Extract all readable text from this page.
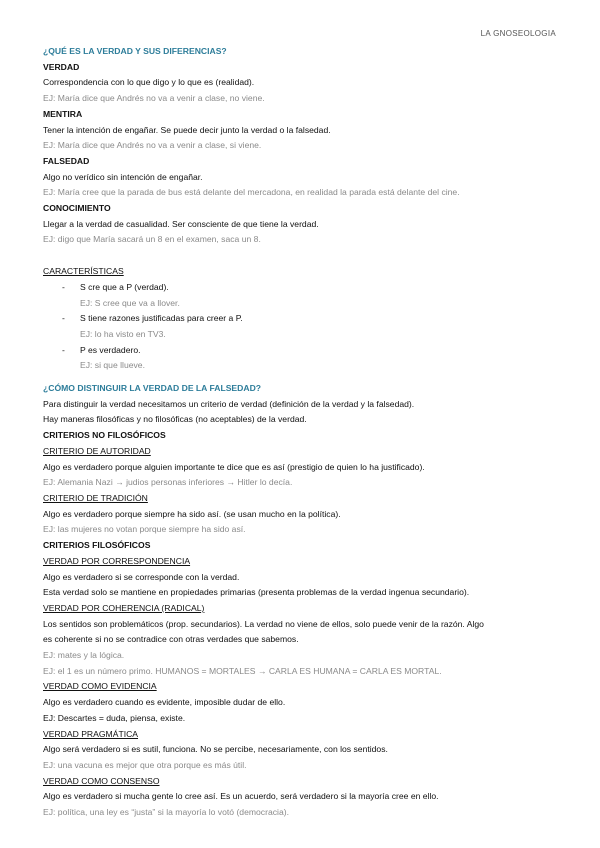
LA GNOSEOLOGIA
¿QUÉ ES LA VERDAD Y SUS DIFERENCIAS?
VERDAD
Correspondencia con lo que digo y lo que es (realidad).
EJ: María dice que Andrés no va a venir a clase, no viene.
MENTIRA
Tener la intención de engañar. Se puede decir junto la verdad o la falsedad.
EJ: María dice que Andrés no va a venir a clase, si viene.
FALSEDAD
Algo no verídico sin intención de engañar.
EJ: María cree que la parada de bus está delante del mercadona, en realidad la parada está delante del cine.
CONOCIMIENTO
Llegar a la verdad de casualidad. Ser consciente de que tiene la verdad.
EJ: digo que María sacará un 8 en el examen, saca un 8.
CARACTERÍSTICAS
- S cre que a P (verdad).
EJ: S cree que va a llover.
- S tiene razones justificadas para creer a P.
EJ: lo ha visto en TV3.
- P es verdadero.
EJ: si que llueve.
¿CÓMO DISTINGUIR LA VERDAD DE LA FALSEDAD?
Para distinguir la verdad necesitamos un criterio de verdad (definición de la verdad y la falsedad).
Hay maneras filosóficas y no filosóficas (no aceptables) de la verdad.
CRITERIOS NO FILOSÓFICOS
CRITERIO DE AUTORIDAD
Algo es verdadero porque alguien importante te dice que es así (prestigio de quien lo ha justificado).
EJ: Alemania Nazi → judios personas inferiores → Hitler lo decía.
CRITERIO DE TRADICIÓN
Algo es verdadero porque siempre ha sido así. (se usan mucho en la política).
EJ: las mujeres no votan porque siempre ha sido así.
CRITERIOS FILOSÓFICOS
VERDAD POR CORRESPONDENCIA
Algo es verdadero si se corresponde con la verdad.
Esta verdad solo se mantiene en propiedades primarias (presenta problemas de la verdad ingenua secundario).
VERDAD POR COHERENCIA (RADICAL)
Los sentidos son problemáticos (prop. secundarios). La verdad no viene de ellos, solo puede venir de la razón. Algo
es coherente si no se contradice con otras verdades que sabemos.
EJ: mates y la lógica.
EJ: el 1 es un número primo. HUMANOS = MORTALES → CARLA ES HUMANA = CARLA ES MORTAL.
VERDAD COMO EVIDENCIA
Algo es verdadero cuando es evidente, imposible dudar de ello.
EJ: Descartes = duda, piensa, existe.
VERDAD PRAGMÁTICA
Algo será verdadero si es sutil, funciona. No se percibe, necesariamente, con los sentidos.
EJ: una vacuna es mejor que otra porque es más útil.
VERDAD COMO CONSENSO
Algo es verdadero si mucha gente lo cree así. Es un acuerdo, será verdadero si la mayoría cree en ello.
EJ: política, una ley es “justa” si la mayoría lo votó (democracia).
